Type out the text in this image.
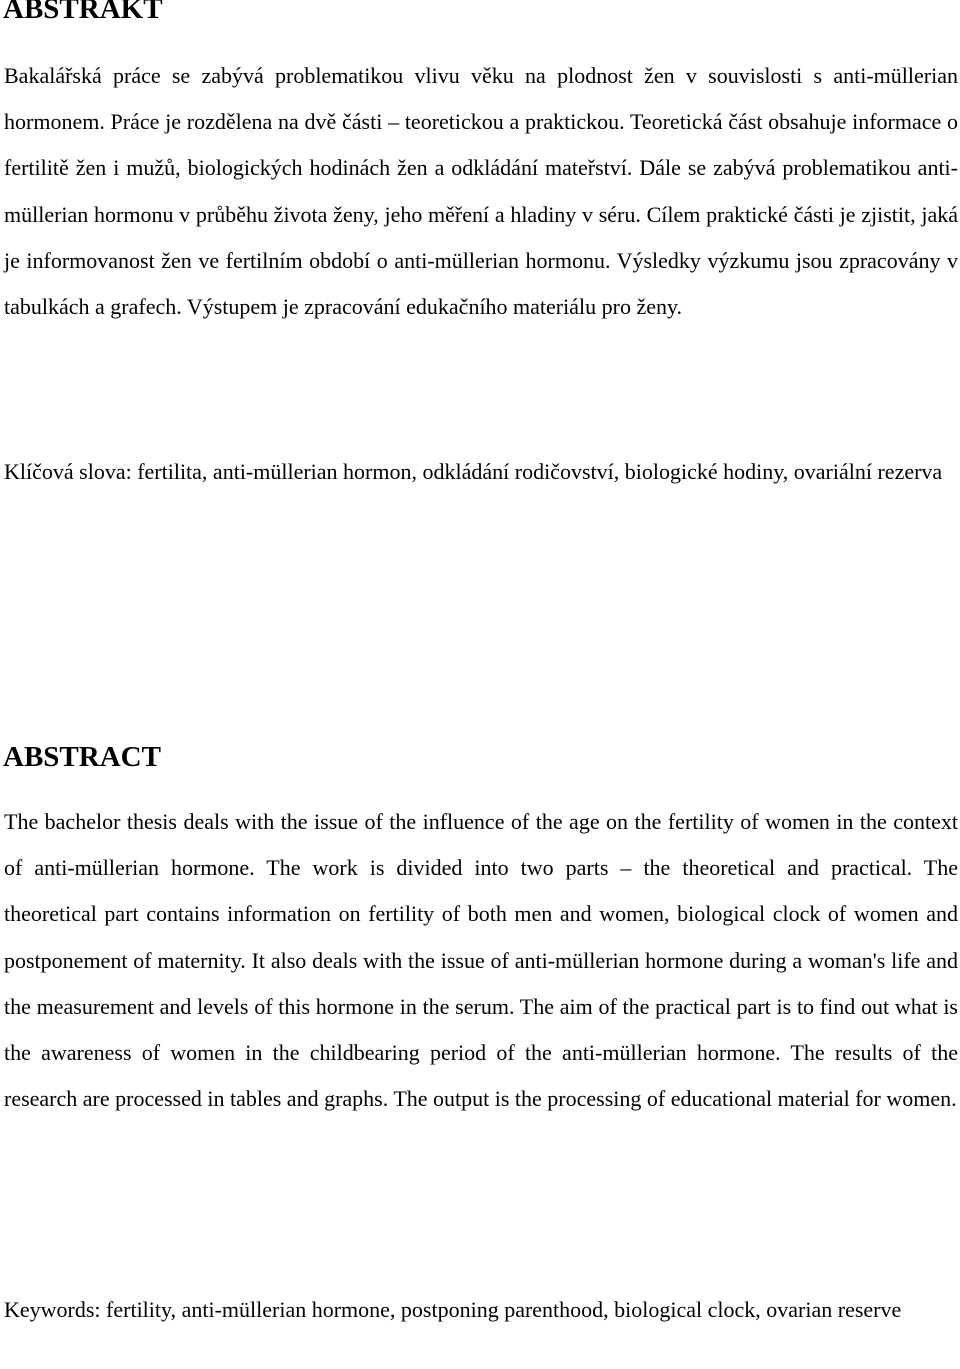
ABSTRAKT

Bakalářská práce se zabývá problematikou vlivu věku na plodnost žen v souvislosti s anti-müllerian hormonem. Práce je rozdělena na dvě části – teoretickou a praktickou. Teoretická část obsahuje informace o fertilitě žen i mužů, biologických hodinách žen a odkládání mateřství. Dále se zabývá problematikou anti-müllerian hormonu v průběhu života ženy, jeho měření a hladiny v séru. Cílem praktické části je zjistit, jaká je informovanost žen ve fertilním období o anti-müllerian hormonu. Výsledky výzkumu jsou zpracovány v tabulkách a grafech. Výstupem je zpracování edukačního materiálu pro ženy.

Klíčová slova: fertilita, anti-müllerian hormon, odkládání rodičovství, biologické hodiny, ovariální rezerva

ABSTRACT

The bachelor thesis deals with the issue of the influence of the age on the fertility of women in the context of anti-müllerian hormone. The work is divided into two parts – the theoretical and practical. The theoretical part contains information on fertility of both men and women, biological clock of women and postponement of maternity. It also deals with the issue of anti-müllerian hormone during a woman's life and the measurement and levels of this hormone in the serum. The aim of the practical part is to find out what is the awareness of women in the childbearing period of the anti-müllerian hormone. The results of the research are processed in tables and graphs. The output is the processing of educational material for women.

Keywords: fertility, anti-müllerian hormone, postponing parenthood, biological clock, ovarian reserve
